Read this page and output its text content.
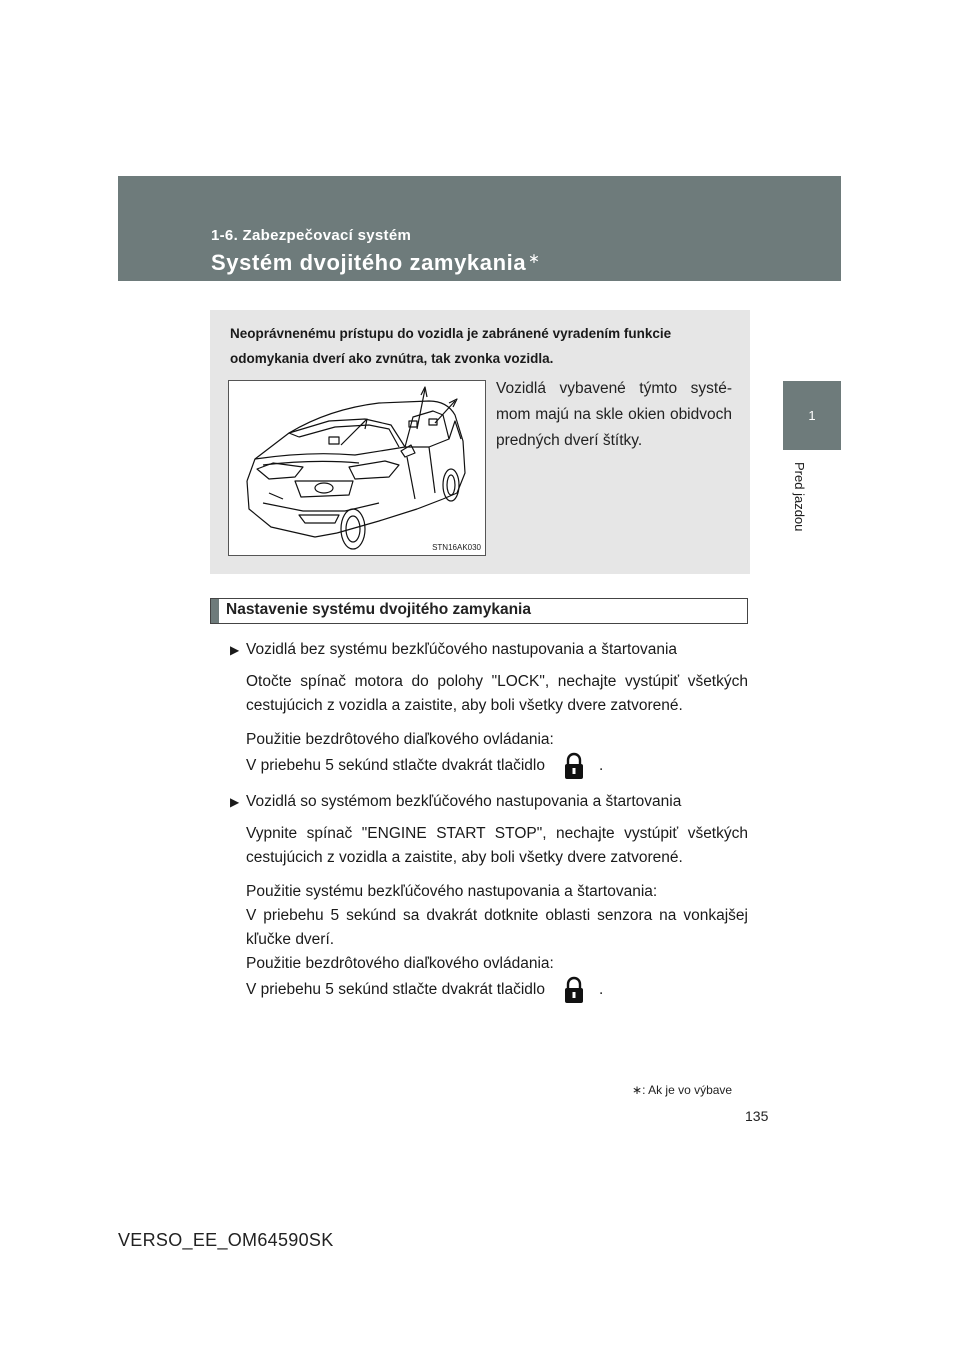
1-6. Zabezpečovací systém
Systém dvojitého zamykania ∗
1
Pred jazdou
Neoprávnenému prístupu do vozidla je zabránené vyradením funkcie odomykania dverí ako zvnútra, tak zvonka vozidla.
STN16AK030
Vozidlá vybavené týmto systémom majú na skle okien obidvoch predných dverí štítky.
Nastavenie systému dvojitého zamykania
▶ Vozidlá bez systému bezkľúčového nastupovania a štartovania
Otočte spínač motora do polohy "LOCK", nechajte vystúpiť všetkých cestujúcich z vozidla a zaistite, aby boli všetky dvere zatvorené.
Použitie bezdrôtového diaľkového ovládania:
V priebehu 5 sekúnd stlačte dvakrát tlačidlo	.
▶ Vozidlá so systémom bezkľúčového nastupovania a štartovania
Vypnite spínač "ENGINE START STOP", nechajte vystúpiť všetkých cestujúcich z vozidla a zaistite, aby boli všetky dvere zatvorené.
Použitie systému bezkľúčového nastupovania a štartovania:
V priebehu 5 sekúnd sa dvakrát dotknite oblasti senzora na vonkajšej kľučke dverí.
Použitie bezdrôtového diaľkového ovládania:
V priebehu 5 sekúnd stlačte dvakrát tlačidlo	.
∗: Ak je vo výbave
135
VERSO_EE_OM64590SK
